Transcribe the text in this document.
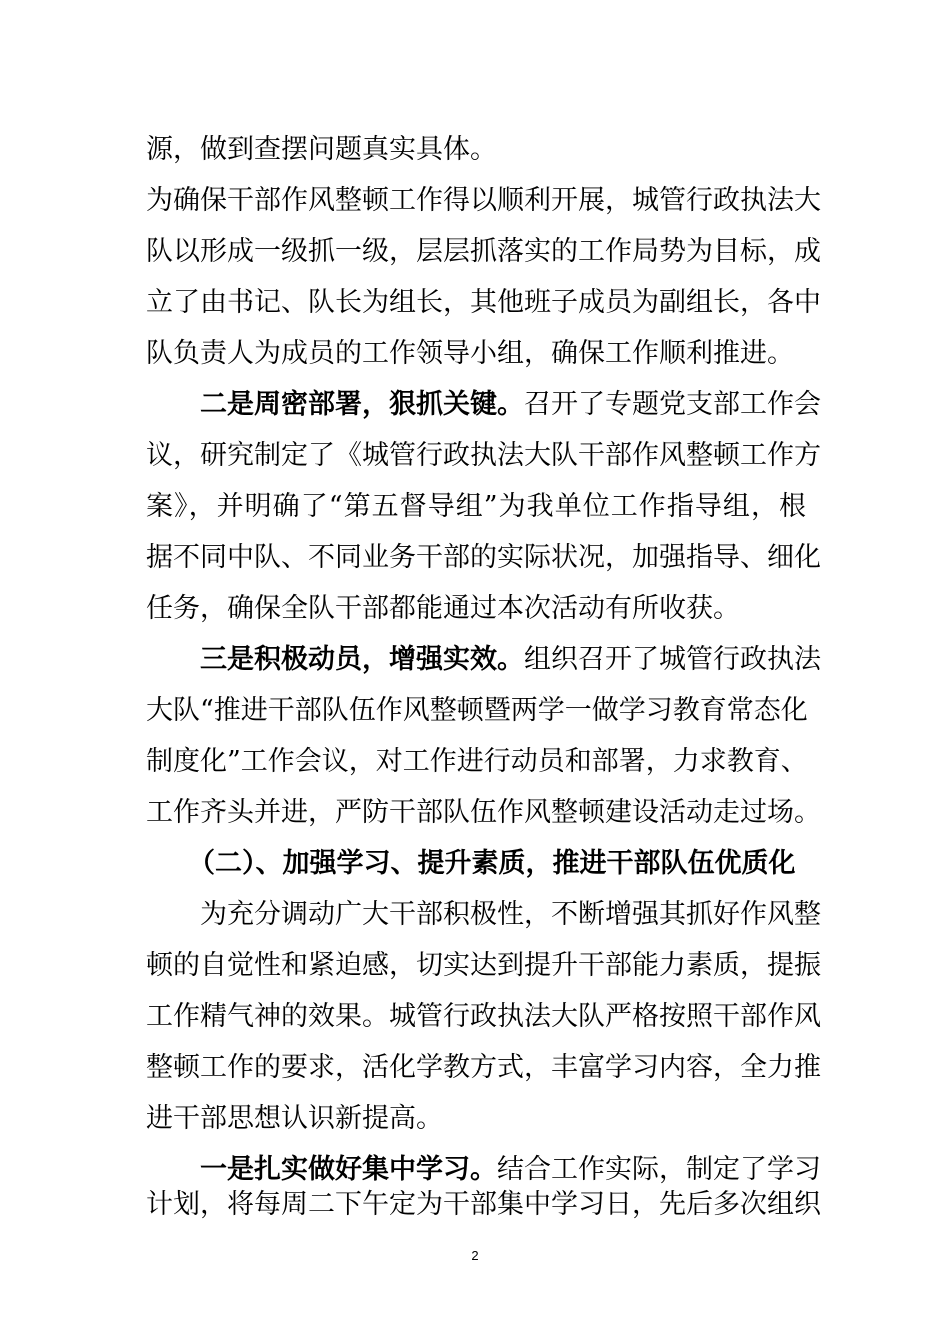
源，做到查摆问题真实具体。
为确保干部作风整顿工作得以顺利开展，城管行政执法大
队以形成一级抓一级，层层抓落实的工作局势为目标，成
立了由书记、队长为组长，其他班子成员为副组长，各中
队负责人为成员的工作领导小组，确保工作顺利推进。
二是周密部署，狠抓关键。召开了专题党支部工作会
议，研究制定了《城管行政执法大队干部作风整顿工作方
案》，并明确了“第五督导组”为我单位工作指导组，根
据不同中队、不同业务干部的实际状况，加强指导、细化
任务，确保全队干部都能通过本次活动有所收获。
三是积极动员，增强实效。组织召开了城管行政执法
大队“推进干部队伍作风整顿暨两学一做学习教育常态化
制度化”工作会议，对工作进行动员和部署，力求教育、
工作齐头并进，严防干部队伍作风整顿建设活动走过场。
（二）、加强学习、提升素质，推进干部队伍优质化
为充分调动广大干部积极性，不断增强其抓好作风整
顿的自觉性和紧迫感，切实达到提升干部能力素质，提振
工作精气神的效果。城管行政执法大队严格按照干部作风
整顿工作的要求，活化学教方式，丰富学习内容，全力推
进干部思想认识新提高。
一是扎实做好集中学习。结合工作实际，制定了学习
计划，将每周二下午定为干部集中学习日，先后多次组织
2
